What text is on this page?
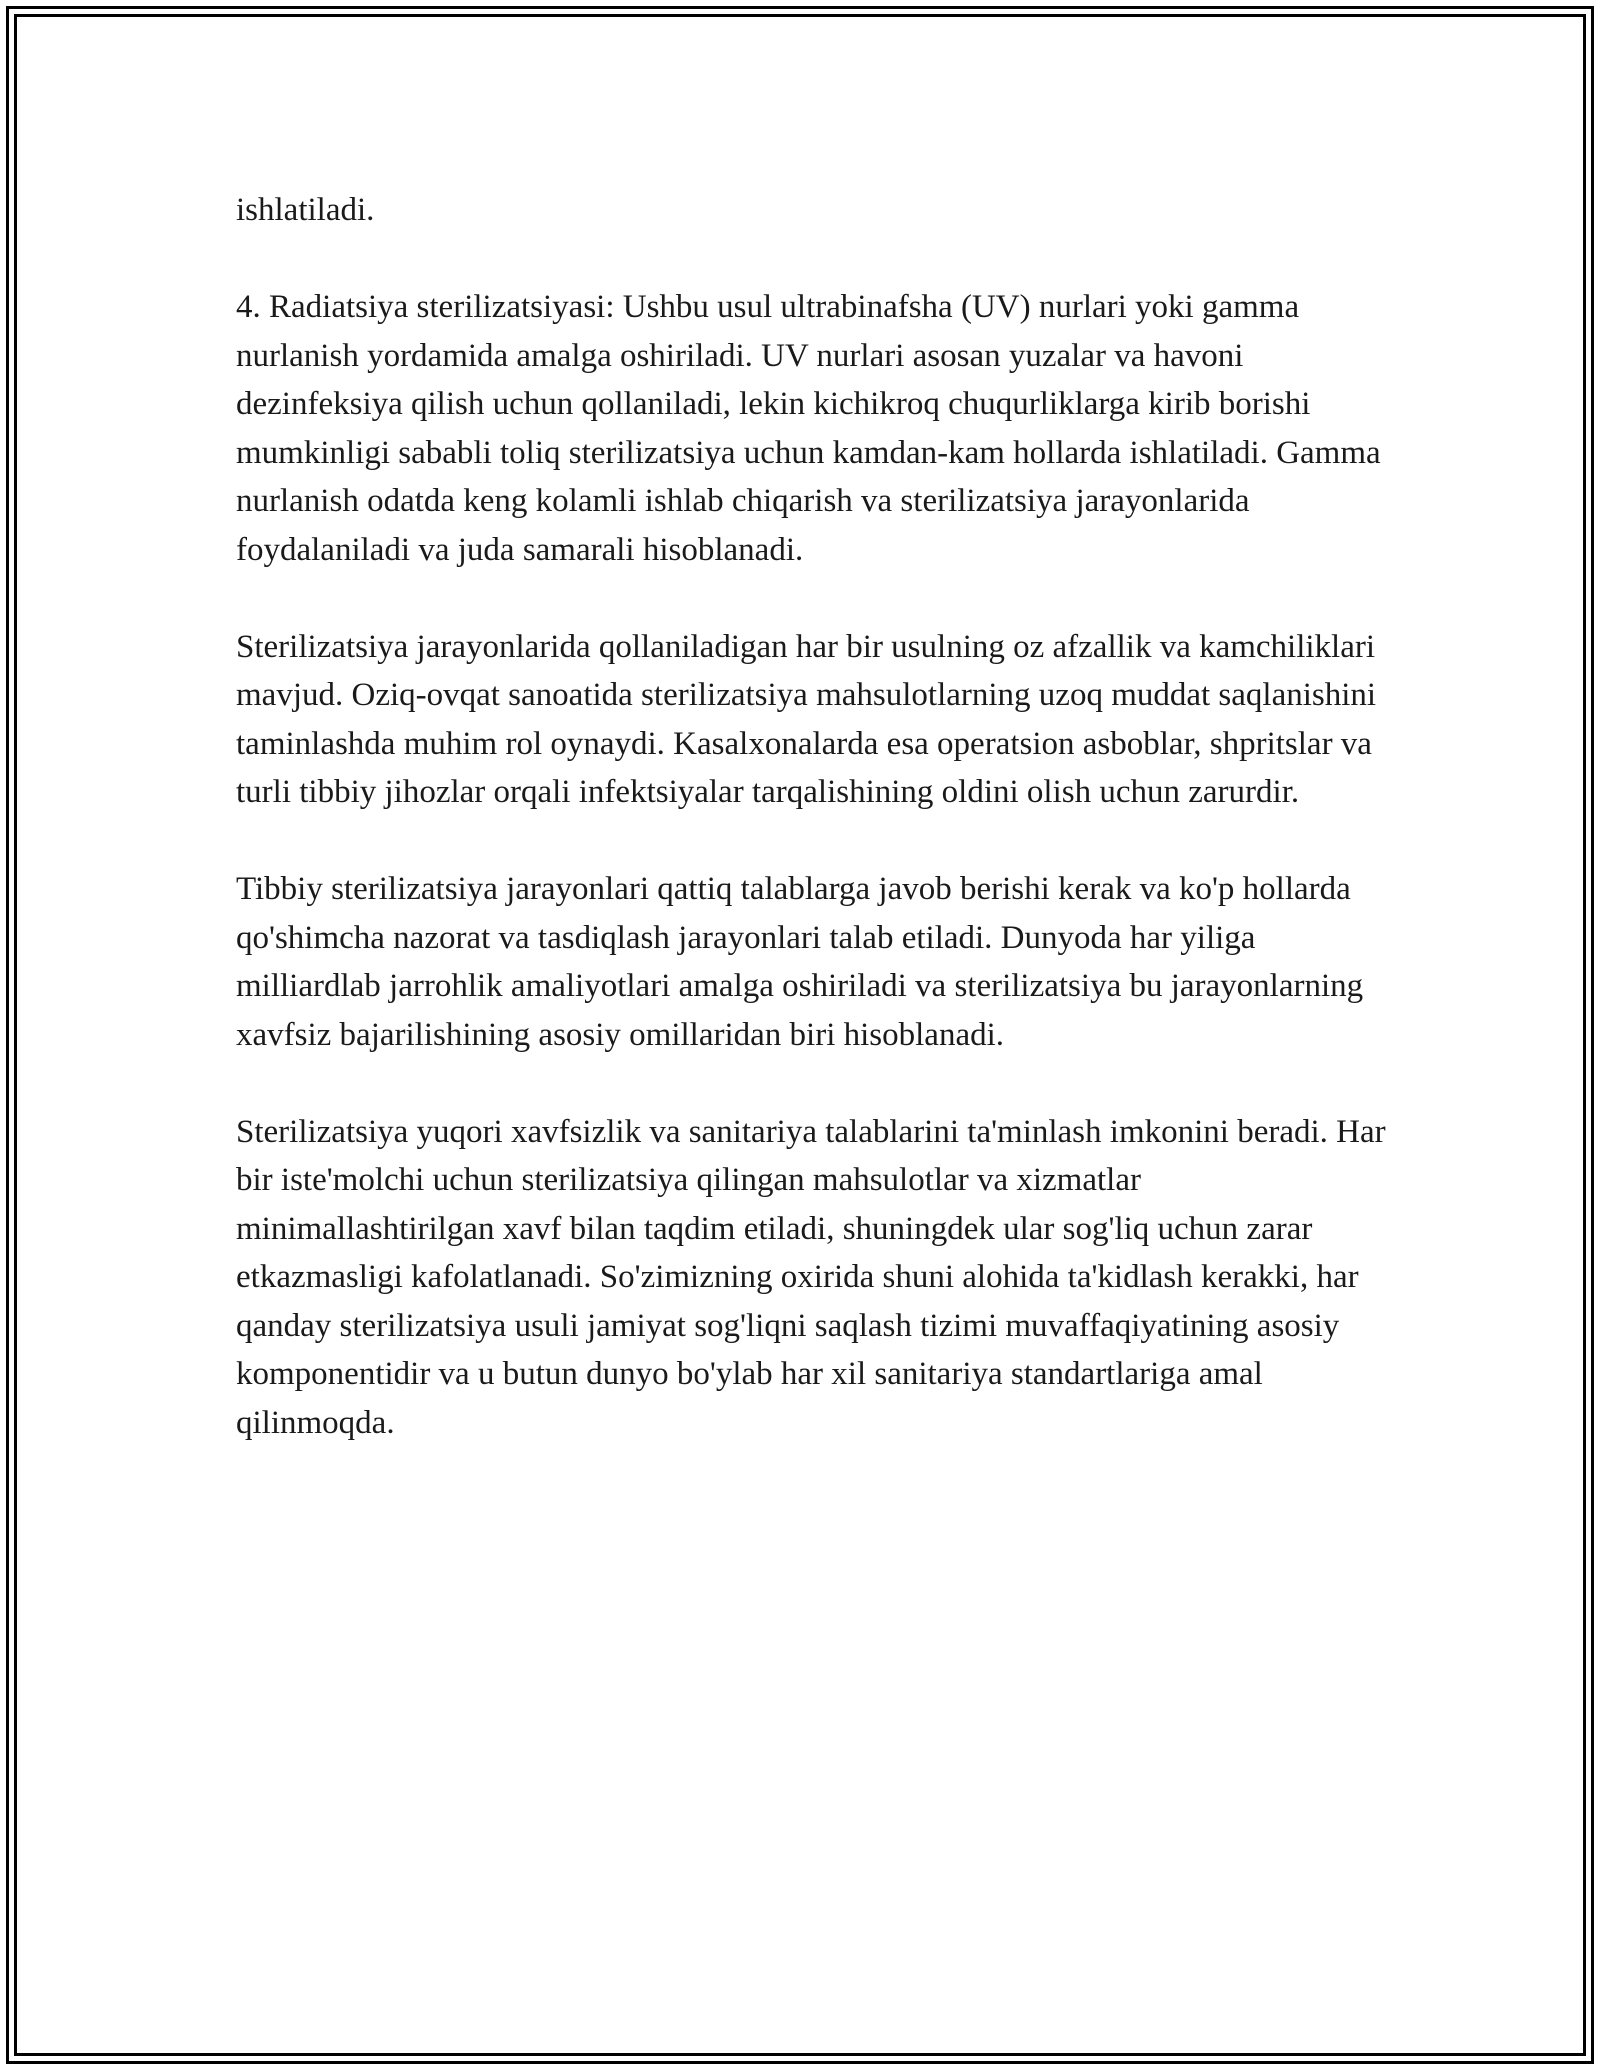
ishlatiladi.

4. Radiatsiya sterilizatsiyasi: Ushbu usul ultrabinafsha (UV) nurlari yoki gamma nurlanish yordamida amalga oshiriladi. UV nurlari asosan yuzalar va havoni dezinfeksiya qilish uchun qollaniladi, lekin kichikroq chuqurliklarga kirib borishi mumkinligi sababli toliq sterilizatsiya uchun kamdan-kam hollarda ishlatiladi. Gamma nurlanish odatda keng kolamli ishlab chiqarish va sterilizatsiya jarayonlarida foydalaniladi va juda samarali hisoblanadi.

Sterilizatsiya jarayonlarida qollaniladigan har bir usulning oz afzallik va kamchiliklari mavjud. Oziq-ovqat sanoatida sterilizatsiya mahsulotlarning uzoq muddat saqlanishini taminlashda muhim rol oynaydi. Kasalxonalarda esa operatsion asboblar, shpritslar va turli tibbiy jihozlar orqali infektsiyalar tarqalishining oldini olish uchun zarurdir.

Tibbiy sterilizatsiya jarayonlari qattiq talablarga javob berishi kerak va ko'p hollarda qo'shimcha nazorat va tasdiqlash jarayonlari talab etiladi. Dunyoda har yiliga milliardlab jarrohlik amaliyotlari amalga oshiriladi va sterilizatsiya bu jarayonlarning xavfsiz bajarilishining asosiy omillaridan biri hisoblanadi.

Sterilizatsiya yuqori xavfsizlik va sanitariya talablarini ta'minlash imkonini beradi. Har bir iste'molchi uchun sterilizatsiya qilingan mahsulotlar va xizmatlar minimallashtirilgan xavf bilan taqdim etiladi, shuningdek ular sog'liq uchun zarar etkazmasligi kafolatlanadi. So'zimizning oxirida shuni alohida ta'kidlash kerakki, har qanday sterilizatsiya usuli jamiyat sog'liqni saqlash tizimi muvaffaqiyatining asosiy komponentidir va u butun dunyo bo'ylab har xil sanitariya standartlariga amal qilinmoqda.
